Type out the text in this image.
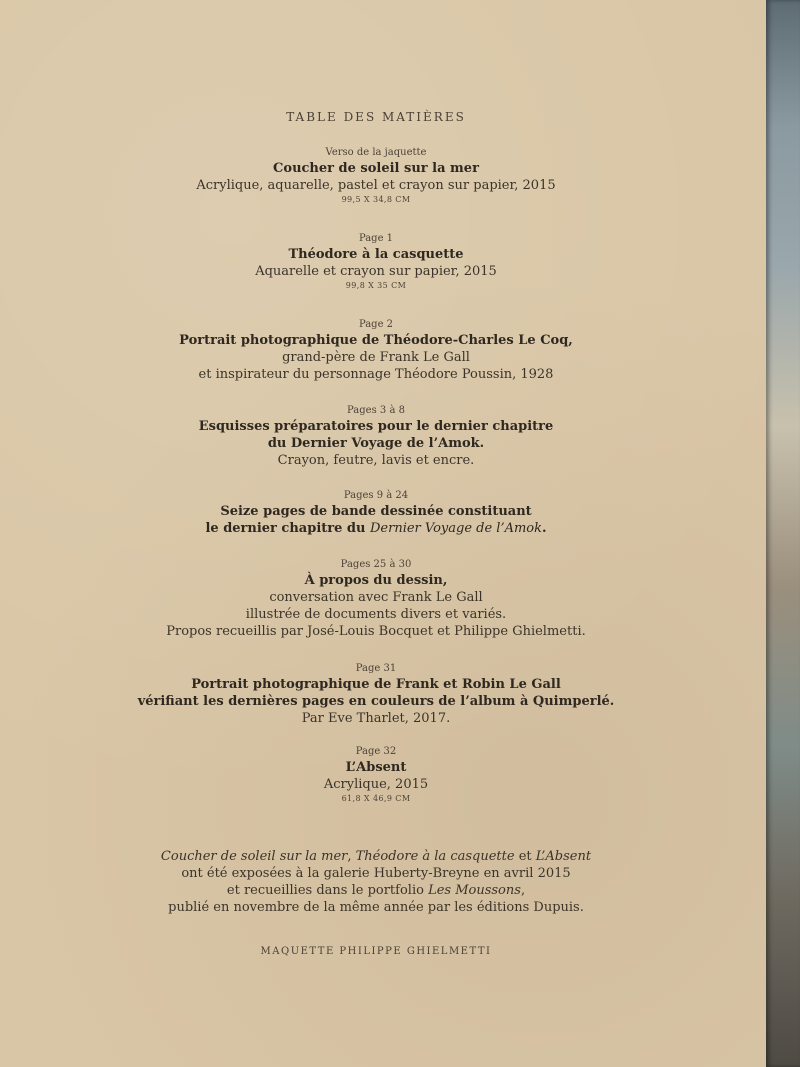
TABLE DES MATIÈRES
Verso de la jaquette
Coucher de soleil sur la mer
Acrylique, aquarelle, pastel et crayon sur papier, 2015
99,5 X 34,8 CM
Page 1
Théodore à la casquette
Aquarelle et crayon sur papier, 2015
99,8 X 35 CM
Page 2
Portrait photographique de Théodore-Charles Le Coq,
grand-père de Frank Le Gall
et inspirateur du personnage Théodore Poussin, 1928
Pages 3 à 8
Esquisses préparatoires pour le dernier chapitre
du Dernier Voyage de l’Amok.
Crayon, feutre, lavis et encre.
Pages 9 à 24
Seize pages de bande dessinée constituant
le dernier chapitre du Dernier Voyage de l’Amok.
Pages 25 à 30
À propos du dessin,
conversation avec Frank Le Gall
illustrée de documents divers et variés.
Propos recueillis par José-Louis Bocquet et Philippe Ghielmetti.
Page 31
Portrait photographique de Frank et Robin Le Gall
vérifiant les dernières pages en couleurs de l’album à Quimperlé.
Par Eve Tharlet, 2017.
Page 32
L’Absent
Acrylique, 2015
61,8 X 46,9 CM
Coucher de soleil sur la mer, Théodore à la casquette et L’Absent
ont été exposées à la galerie Huberty-Breyne en avril 2015
et recueillies dans le portfolio Les Moussons,
publié en novembre de la même année par les éditions Dupuis.
MAQUETTE PHILIPPE GHIELMETTI
